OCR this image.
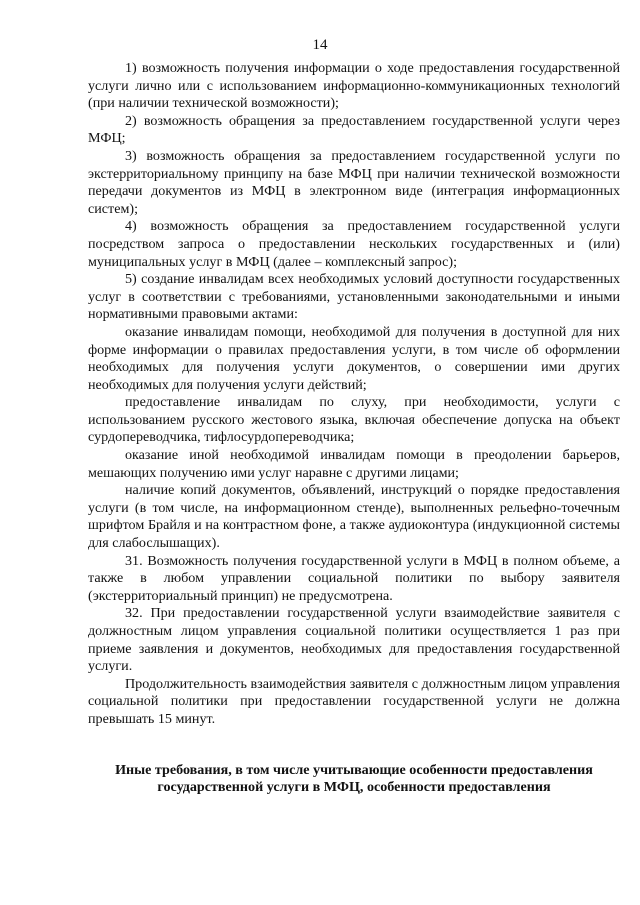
14

1) возможность получения информации о ходе предоставления государственной услуги лично или с использованием информационно-коммуникационных технологий (при наличии технической возможности);

2) возможность обращения за предоставлением государственной услуги через МФЦ;

3) возможность обращения за предоставлением государственной услуги по экстерриториальному принципу на базе МФЦ при наличии технической возможности передачи документов из МФЦ в электронном виде (интеграция информационных систем);

4) возможность обращения за предоставлением государственной услуги посредством запроса о предоставлении нескольких государственных и (или) муниципальных услуг в МФЦ (далее – комплексный запрос);

5) создание инвалидам всех необходимых условий доступности государственных услуг в соответствии с требованиями, установленными законодательными и иными нормативными правовыми актами:

оказание инвалидам помощи, необходимой для получения в доступной для них форме информации о правилах предоставления услуги, в том числе об оформлении необходимых для получения услуги документов, о совершении ими других необходимых для получения услуги действий;

предоставление инвалидам по слуху, при необходимости, услуги с использованием русского жестового языка, включая обеспечение допуска на объект сурдопереводчика, тифлосурдопереводчика;

оказание иной необходимой инвалидам помощи в преодолении барьеров, мешающих получению ими услуг наравне с другими лицами;

наличие копий документов, объявлений, инструкций о порядке предоставления услуги (в том числе, на информационном стенде), выполненных рельефно-точечным шрифтом Брайля и на контрастном фоне, а также аудиоконтура (индукционной системы для слабослышащих).

31. Возможность получения государственной услуги в МФЦ в полном объеме, а также в любом управлении социальной политики по выбору заявителя (экстерриториальный принцип) не предусмотрена.

32. При предоставлении государственной услуги взаимодействие заявителя с должностным лицом управления социальной политики осуществляется 1 раз при приеме заявления и документов, необходимых для предоставления государственной услуги.

Продолжительность взаимодействия заявителя с должностным лицом управления социальной политики при предоставлении государственной услуги не должна превышать 15 минут.

Иные требования, в том числе учитывающие особенности предоставления
государственной услуги в МФЦ, особенности предоставления
